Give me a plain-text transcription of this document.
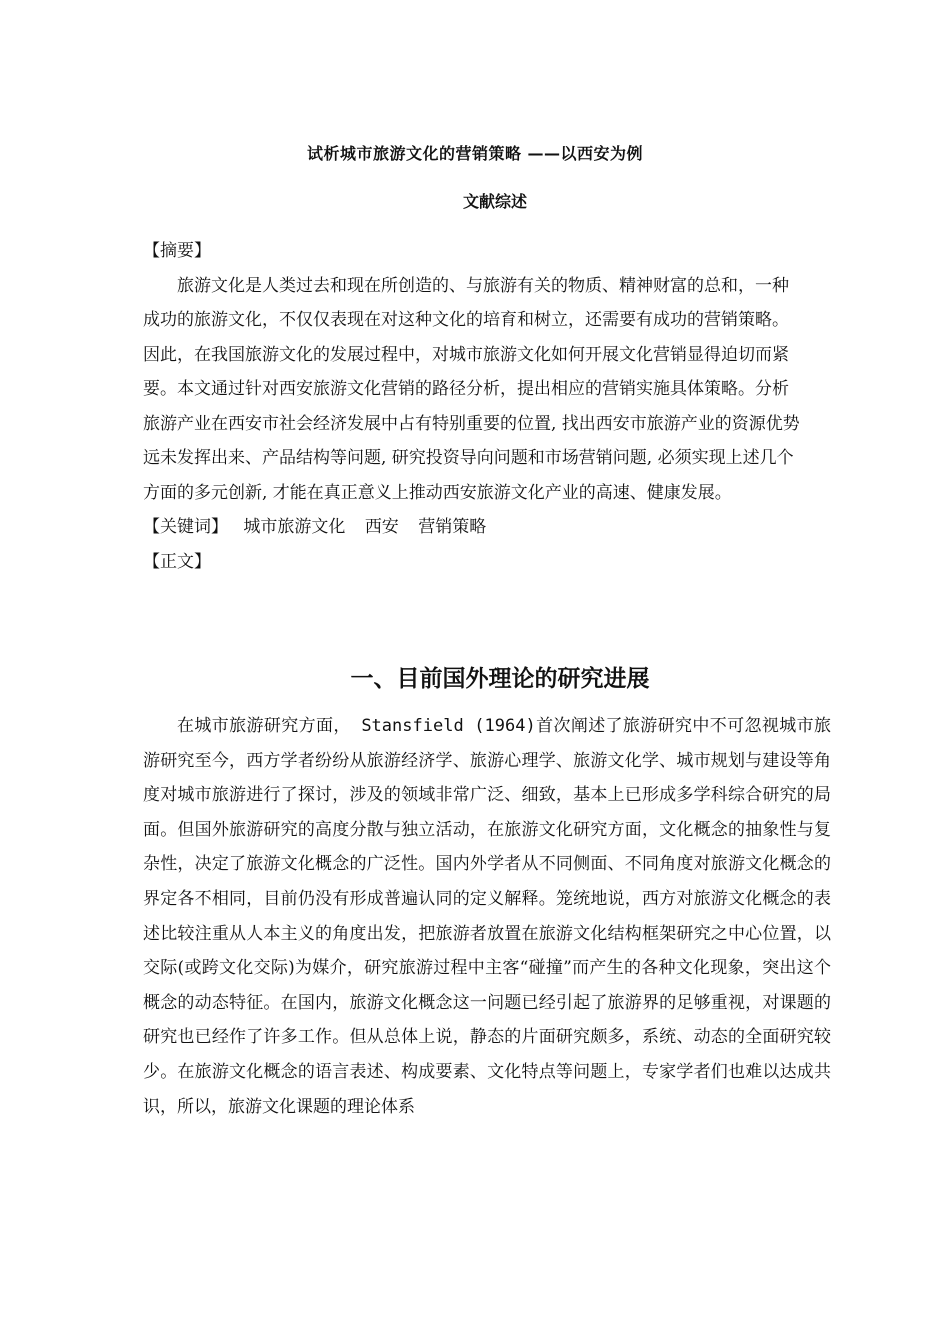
试析城市旅游文化的营销策略 ——以西安为例
文献综述

【摘要】

旅游文化是人类过去和现在所创造的、与旅游有关的物质、精神财富的总和，一种成功的旅游文化，不仅仅表现在对这种文化的培育和树立，还需要有成功的营销策略。因此，在我国旅游文化的发展过程中，对城市旅游文化如何开展文化营销显得迫切而紧要。本文通过针对西安旅游文化营销的路径分析，提出相应的营销实施具体策略。分析旅游产业在西安市社会经济发展中占有特别重要的位置, 找出西安市旅游产业的资源优势远未发挥出来、产品结构等问题, 研究投资导向问题和市场营销问题, 必须实现上述几个方面的多元创新, 才能在真正意义上推动西安旅游文化产业的高速、健康发展。

【关键词】 城市旅游文化 西安 营销策略

【正文】

一、目前国外理论的研究进展

在城市旅游研究方面， Stansfield (1964)首次阐述了旅游研究中不可忽视城市旅游研究至今，西方学者纷纷从旅游经济学、旅游心理学、旅游文化学、城市规划与建设等角度对城市旅游进行了探讨，涉及的领域非常广泛、细致，基本上已形成多学科综合研究的局面。但国外旅游研究的高度分散与独立活动，在旅游文化研究方面，文化概念的抽象性与复杂性，决定了旅游文化概念的广泛性。国内外学者从不同侧面、不同角度对旅游文化概念的界定各不相同，目前仍没有形成普遍认同的定义解释。笼统地说，西方对旅游文化概念的表述比较注重从人本主义的角度出发，把旅游者放置在旅游文化结构框架研究之中心位置，以交际(或跨文化交际)为媒介，研究旅游过程中主客“碰撞”而产生的各种文化现象，突出这个概念的动态特征。在国内，旅游文化概念这一问题已经引起了旅游界的足够重视，对课题的研究也已经作了许多工作。但从总体上说，静态的片面研究颇多，系统、动态的全面研究较少。在旅游文化概念的语言表述、构成要素、文化特点等问题上，专家学者们也难以达成共识，所以，旅游文化课题的理论体系
